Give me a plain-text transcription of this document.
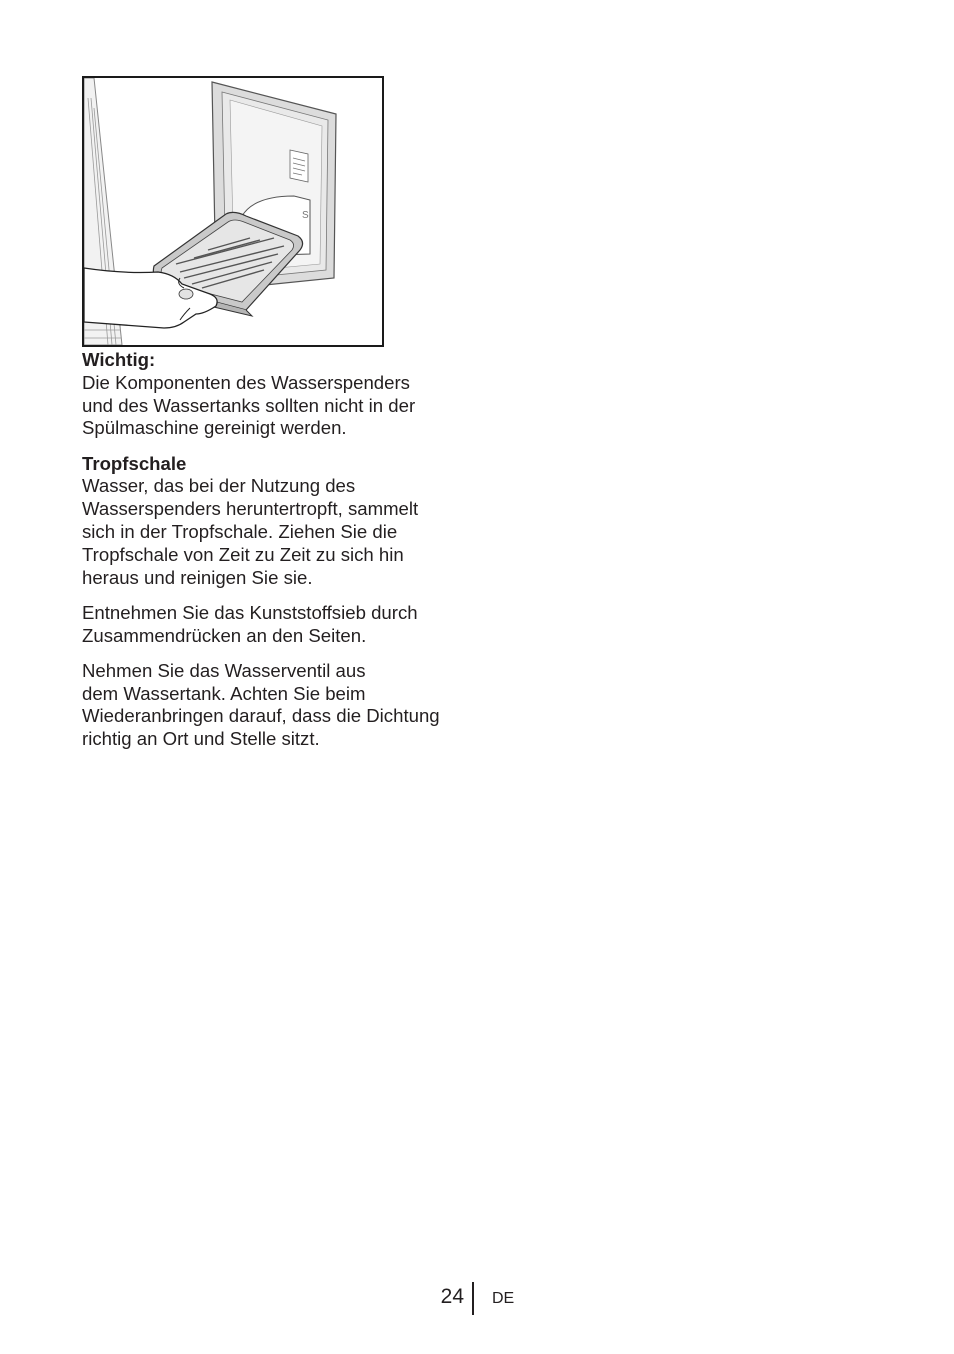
S

Wichtig:
Die Komponenten des Wasserspenders
und des Wassertanks sollten nicht in der
Spülmaschine gereinigt werden.

Tropfschale
Wasser, das bei der Nutzung des
Wasserspenders heruntertropft, sammelt
sich in der Tropfschale. Ziehen Sie die
Tropfschale von Zeit zu Zeit zu sich hin
heraus und reinigen Sie sie.

Entnehmen Sie das Kunststoffsieb durch
Zusammendrücken an den Seiten.

Nehmen Sie das Wasserventil aus
dem Wassertank. Achten Sie beim
Wiederanbringen darauf, dass die Dichtung
richtig an Ort und Stelle sitzt.

24 DE
